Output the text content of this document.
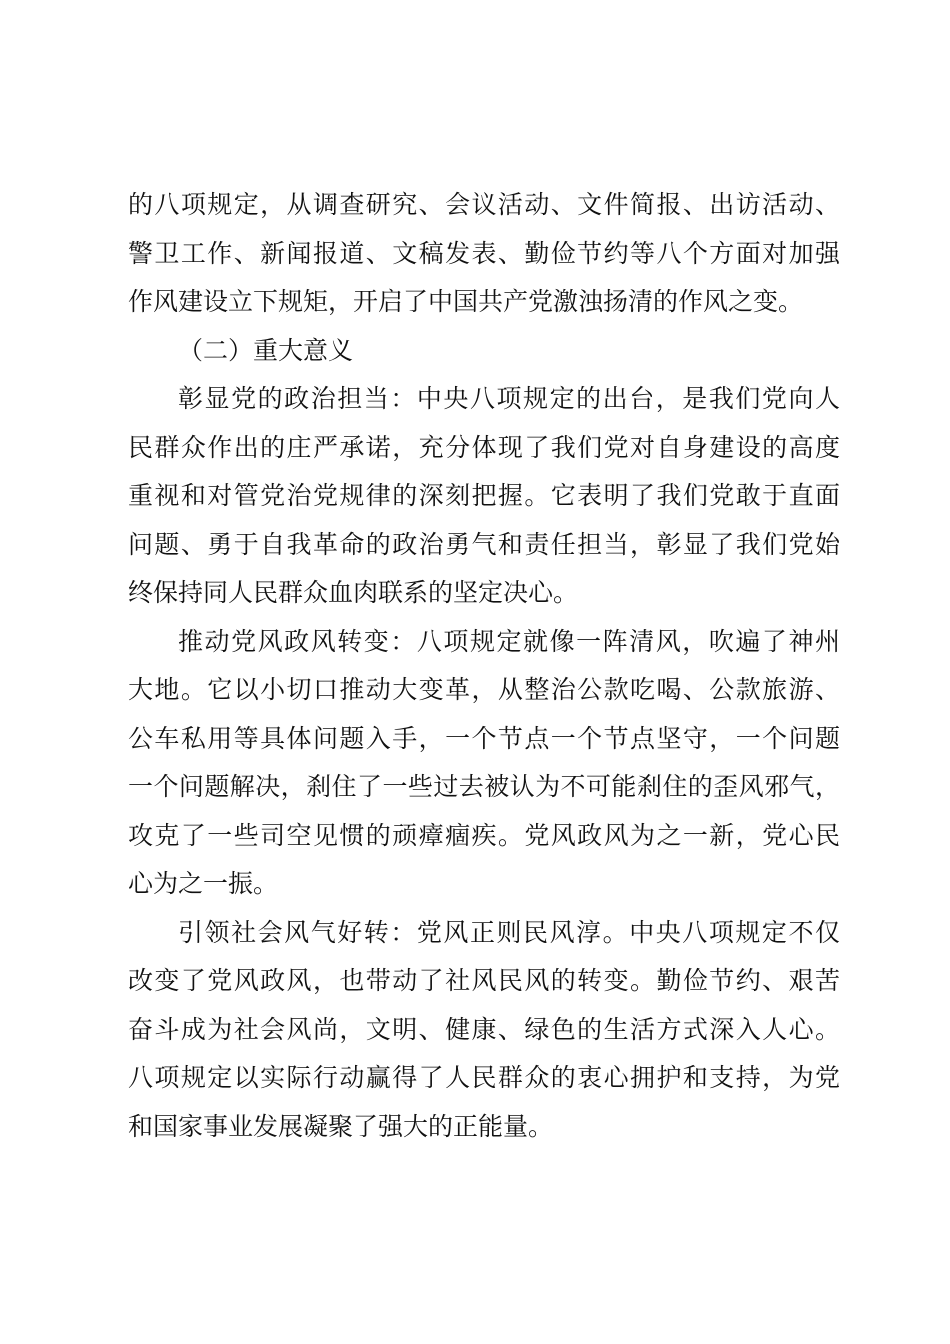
的八项规定，从调查研究、会议活动、文件简报、出访活动、
警卫工作、新闻报道、文稿发表、勤俭节约等八个方面对加强
作风建设立下规矩，开启了中国共产党激浊扬清的作风之变。
（二）重大意义
彰显党的政治担当：中央八项规定的出台，是我们党向人
民群众作出的庄严承诺，充分体现了我们党对自身建设的高度
重视和对管党治党规律的深刻把握。它表明了我们党敢于直面
问题、勇于自我革命的政治勇气和责任担当，彰显了我们党始
终保持同人民群众血肉联系的坚定决心。
推动党风政风转变：八项规定就像一阵清风，吹遍了神州
大地。它以小切口推动大变革，从整治公款吃喝、公款旅游、
公车私用等具体问题入手，一个节点一个节点坚守，一个问题
一个问题解决，刹住了一些过去被认为不可能刹住的歪风邪气，
攻克了一些司空见惯的顽瘴痼疾。党风政风为之一新，党心民
心为之一振。
引领社会风气好转：党风正则民风淳。中央八项规定不仅
改变了党风政风，也带动了社风民风的转变。勤俭节约、艰苦
奋斗成为社会风尚，文明、健康、绿色的生活方式深入人心。
八项规定以实际行动赢得了人民群众的衷心拥护和支持，为党
和国家事业发展凝聚了强大的正能量。
